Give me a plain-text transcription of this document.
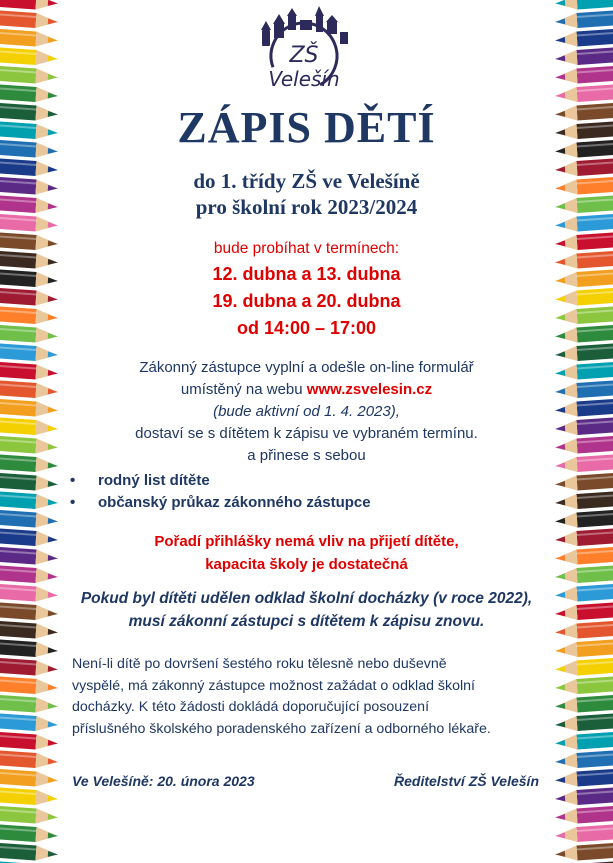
ZŠ
Velešín
ZÁPIS DĚTÍ
do 1. třídy ZŠ ve Velešíně
pro školní rok 2023/2024
bude probíhat v termínech:
12. dubna a 13. dubna
19. dubna a 20. dubna
od 14:00 – 17:00
Zákonný zástupce vyplní a odešle on-line formulář
umístěný na webu www.zsvelesin.cz
(bude aktivní od 1. 4. 2023),
dostaví se s dítětem k zápisu ve vybraném termínu.
a přinese s sebou
• rodný list dítěte
• občanský průkaz zákonného zástupce
Pořadí přihlášky nemá vliv na přijetí dítěte,
kapacita školy je dostatečná
Pokud byl dítěti udělen odklad školní docházky (v roce 2022),
musí zákonní zástupci s dítětem k zápisu znovu.
Není-li dítě po dovršení šestého roku tělesně nebo duševně
vyspělé, má zákonný zástupce možnost zažádat o odklad školní
docházky. K této žádosti dokládá doporučující posouzení
příslušného školského poradenského zařízení a odborného lékaře.
Ve Velešíně: 20. února 2023	Ředitelství ZŠ Velešín
